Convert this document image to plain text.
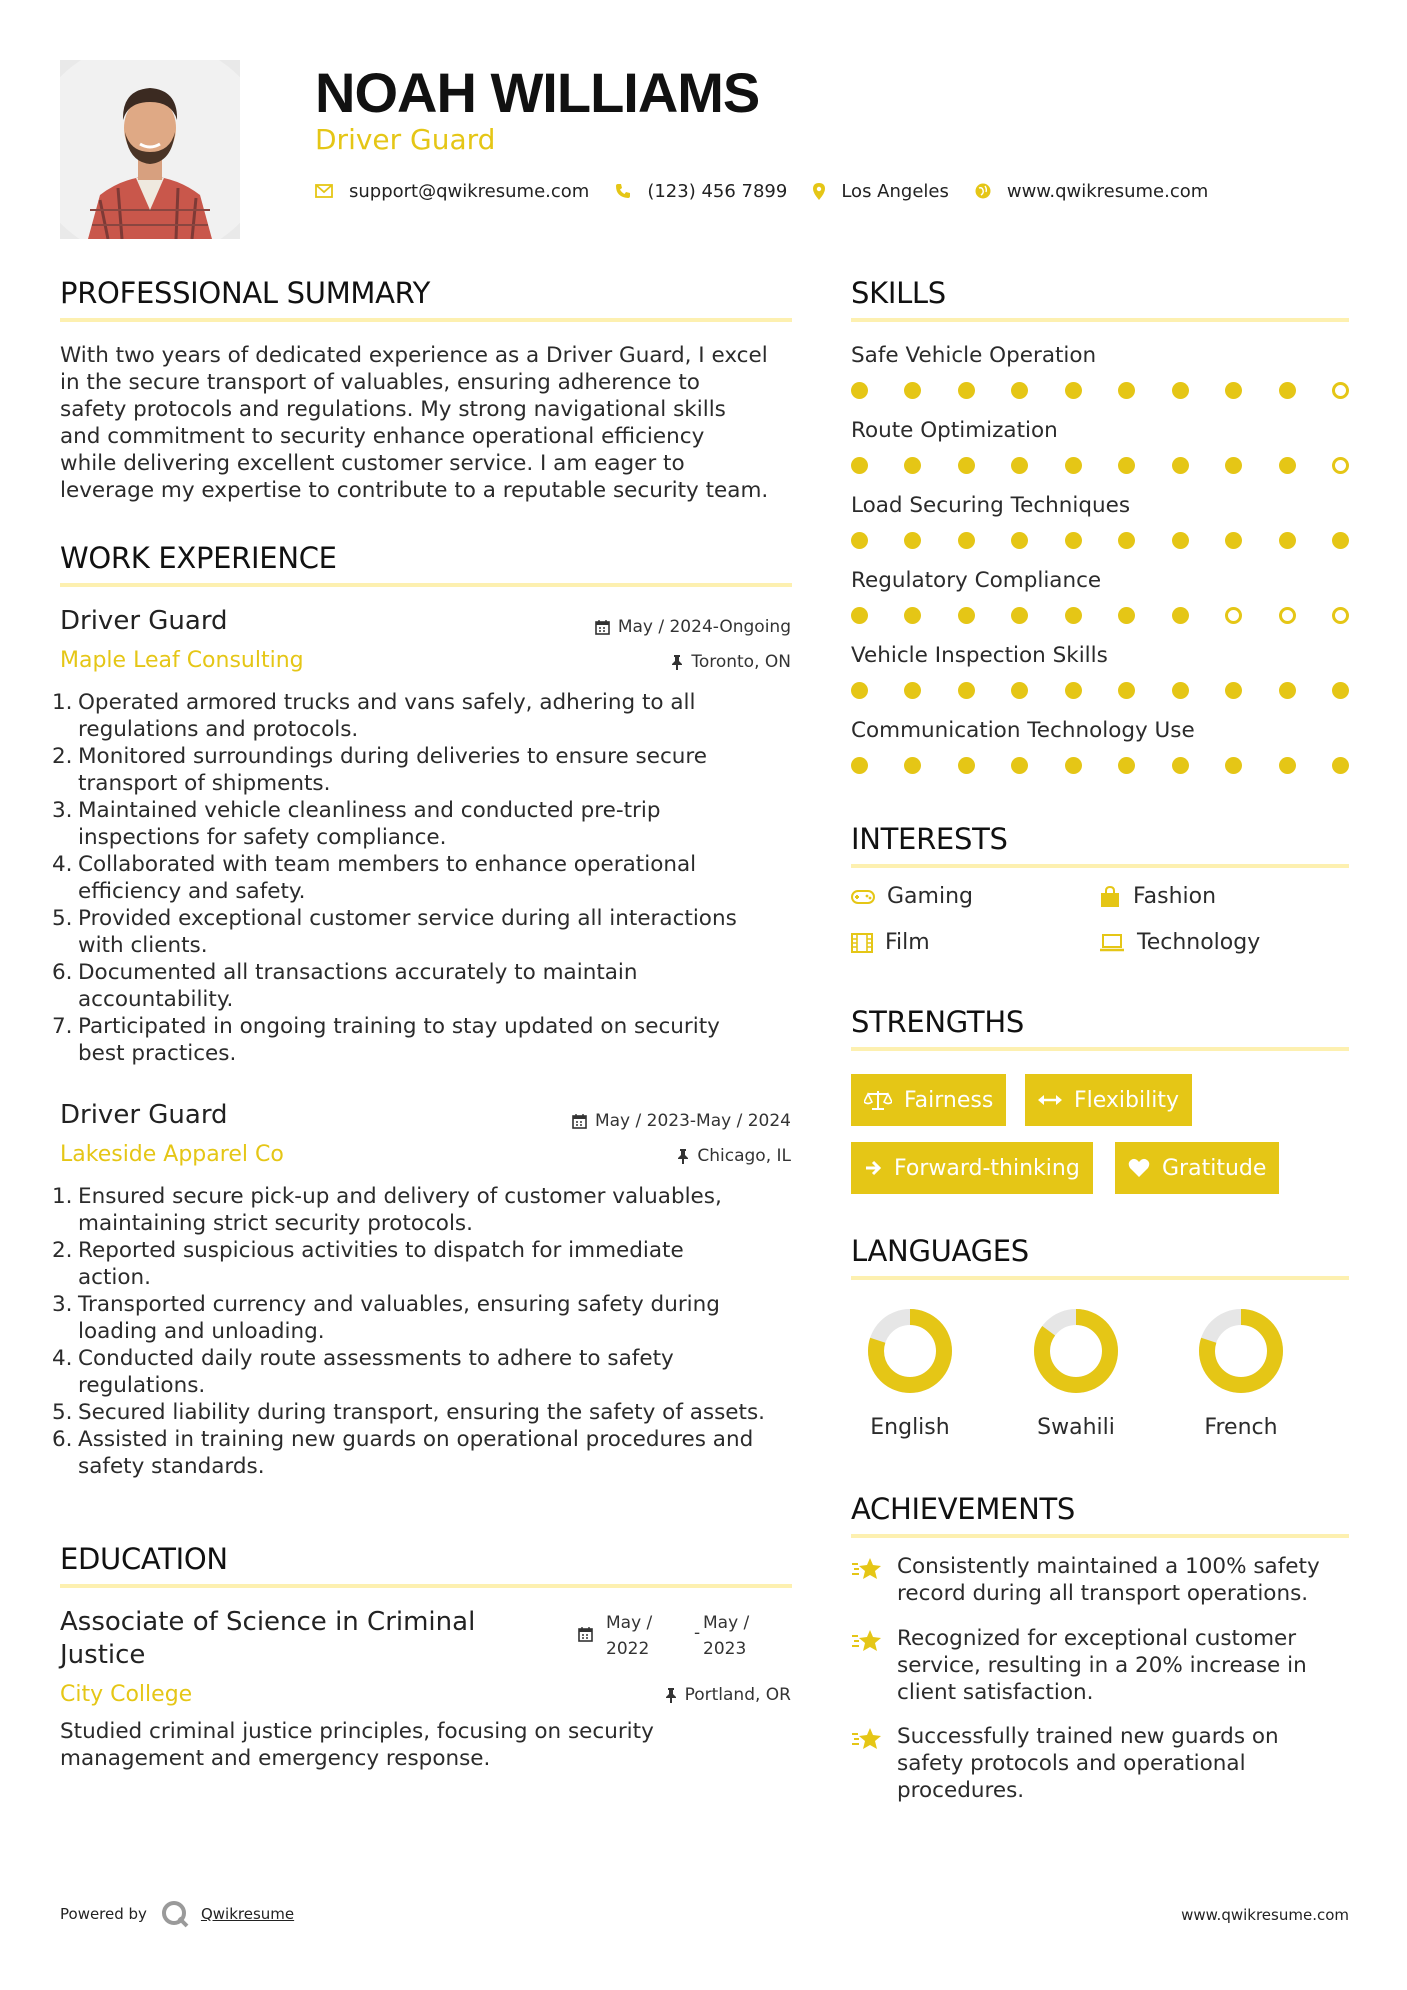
NOAH WILLIAMS
Driver Guard
support@qwikresume.com	(123) 456 7899	Los Angeles	www.qwikresume.com
PROFESSIONAL SUMMARY
With two years of dedicated experience as a Driver Guard, I excel
in the secure transport of valuables, ensuring adherence to
safety protocols and regulations. My strong navigational skills
and commitment to security enhance operational efficiency
while delivering excellent customer service. I am eager to
leverage my expertise to contribute to a reputable security team.
WORK EXPERIENCE
Driver Guard	May / 2024-Ongoing
Maple Leaf Consulting	Toronto, ON
1. Operated armored trucks and vans safely, adhering to all
regulations and protocols.
2. Monitored surroundings during deliveries to ensure secure
transport of shipments.
3. Maintained vehicle cleanliness and conducted pre-trip
inspections for safety compliance.
4. Collaborated with team members to enhance operational
efficiency and safety.
5. Provided exceptional customer service during all interactions
with clients.
6. Documented all transactions accurately to maintain
accountability.
7. Participated in ongoing training to stay updated on security
best practices.
Driver Guard	May / 2023-May / 2024
Lakeside Apparel Co	Chicago, IL
1. Ensured secure pick-up and delivery of customer valuables,
maintaining strict security protocols.
2. Reported suspicious activities to dispatch for immediate
action.
3. Transported currency and valuables, ensuring safety during
loading and unloading.
4. Conducted daily route assessments to adhere to safety
regulations.
5. Secured liability during transport, ensuring the safety of assets.
6. Assisted in training new guards on operational procedures and
safety standards.
EDUCATION
Associate of Science in Criminal
Justice
May /
2022
- May /
2023
City College	Portland, OR
Studied criminal justice principles, focusing on security
management and emergency response.
SKILLS
Safe Vehicle Operation
Route Optimization
Load Securing Techniques
Regulatory Compliance
Vehicle Inspection Skills
Communication Technology Use
INTERESTS
Gaming	Fashion
Film	Technology
STRENGTHS
Fairness	Flexibility
Forward-thinking	Gratitude
LANGUAGES
English	Swahili	French
ACHIEVEMENTS
Consistently maintained a 100% safety
record during all transport operations.
Recognized for exceptional customer
service, resulting in a 20% increase in
client satisfaction.
Successfully trained new guards on
safety protocols and operational
procedures.
Powered by	Qwikresume	www.qwikresume.com
